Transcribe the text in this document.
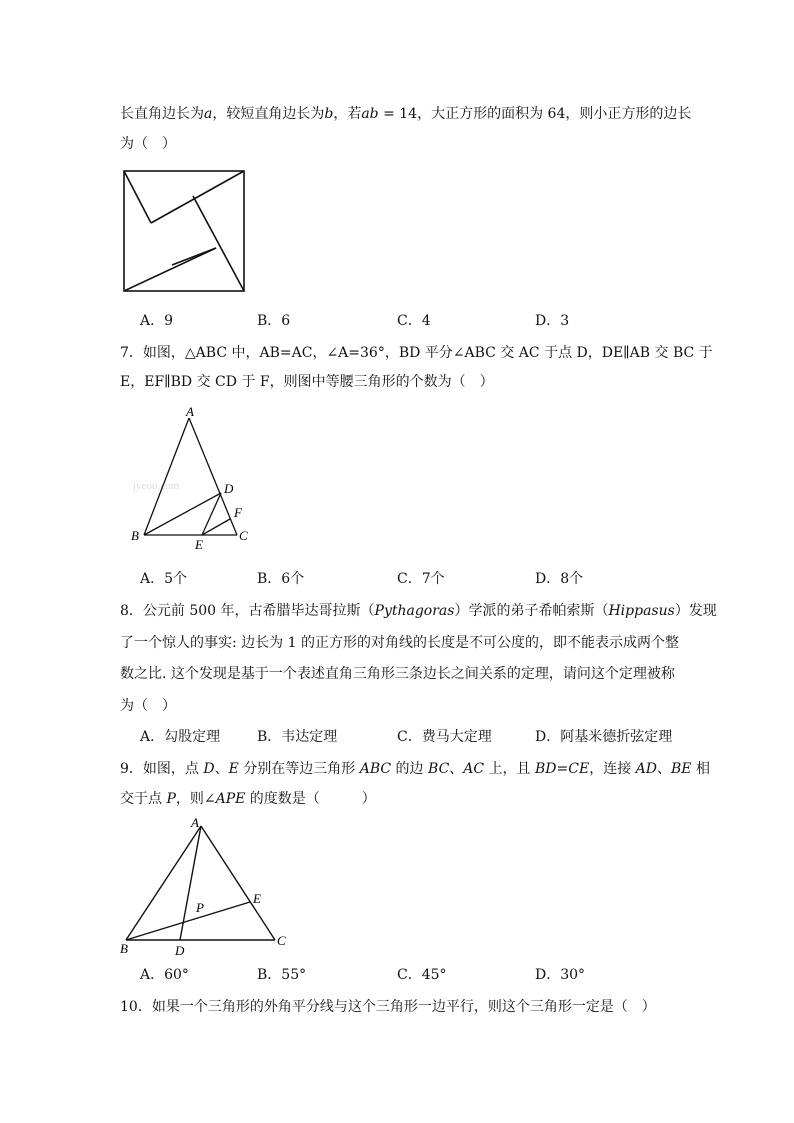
长直角边长为a，较短直角边长为b，若ab = 14，大正方形的面积为 64，则小正方形的边长
为（　）
A．9	B．6	C．4	D．3
7．如图，△ABC 中，AB=AC，∠A=36°，BD 平分∠ABC 交 AC 于点 D，DE∥AB 交 BC 于
E，EF∥BD 交 CD 于 F，则图中等腰三角形的个数为（　）
jyeoo.com
A
B	C
D
E
F
A．5个	B．6个	C．7个	D．8个
8．公元前 500 年，古希腊毕达哥拉斯（Pythagoras）学派的弟子希帕索斯（Hippasus）发现
了一个惊人的事实: 边长为 1 的正方形的对角线的长度是不可公度的，即不能表示成两个整
数之比. 这个发现是基于一个表述直角三角形三条边长之间关系的定理，请问这个定理被称
为（　）
A．勾股定理	B．韦达定理	C．费马大定理	D．阿基米德折弦定理
9．如图，点 D、E 分别在等边三角形 ABC 的边 BC、AC 上，且 BD=CE，连接 AD、BE 相
交于点 P，则∠APE 的度数是（　　　）
A
B
C
D
E
P
A．60°	B．55°	C．45°	D．30°
10．如果一个三角形的外角平分线与这个三角形一边平行，则这个三角形一定是（　）
